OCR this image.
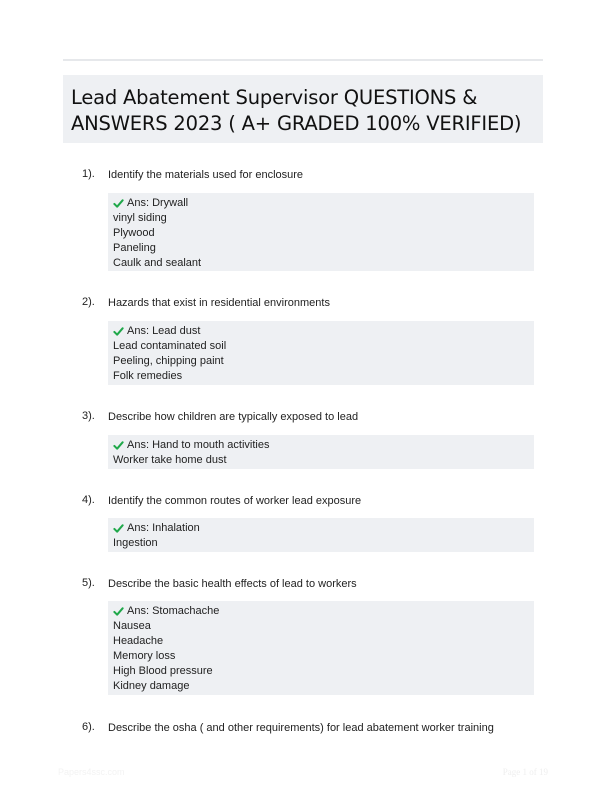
Lead Abatement Supervisor QUESTIONS & ANSWERS 2023 ( A+ GRADED 100% VERIFIED)
1). Identify the materials used for enclosure
Ans: Drywall
vinyl siding
Plywood
Paneling
Caulk and sealant
2). Hazards that exist in residential environments
Ans: Lead dust
Lead contaminated soil
Peeling, chipping paint
Folk remedies
3). Describe how children are typically exposed to lead
Ans: Hand to mouth activities
Worker take home dust
4). Identify the common routes of worker lead exposure
Ans: Inhalation
Ingestion
5). Describe the basic health effects of lead to workers
Ans: Stomachache
Nausea
Headache
Memory loss
High Blood pressure
Kidney damage
6). Describe the osha ( and other requirements) for lead abatement worker training
Papers4ssc.com	Page 1 of 19
